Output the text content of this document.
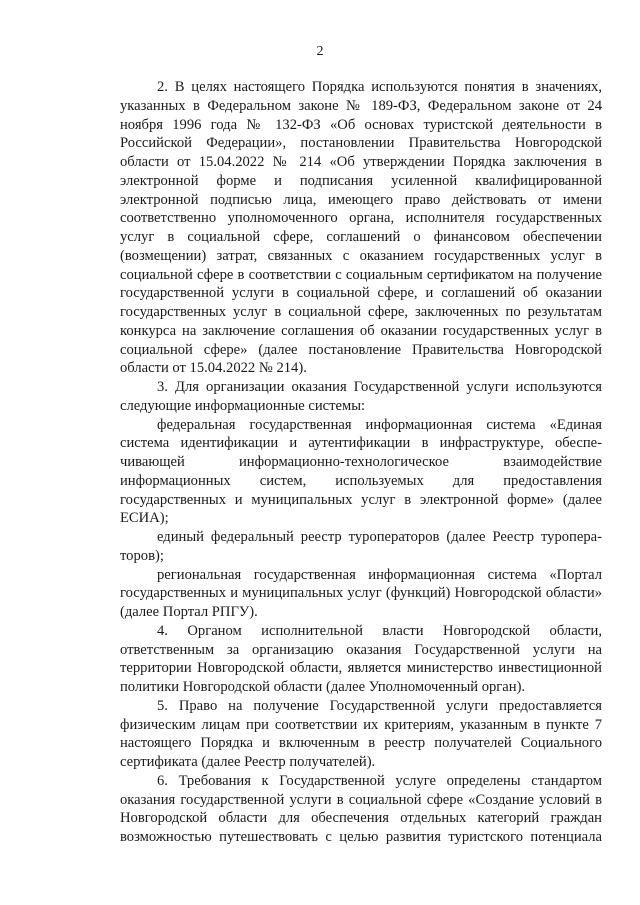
2

2. В целях настоящего Порядка используются понятия в значениях, указанных в Федеральном законе № 189-ФЗ, Федеральном законе от 24 ноября 1996 года № 132-ФЗ «Об основах туристской деятельности в Российской Федерации», постановлении Правительства Новгородской области от 15.04.2022 № 214 «Об утверждении Порядка заключения в электронной форме и подписания усиленной квалифицированной электронной подписью лица, имеющего право действовать от имени соответственно уполномоченного органа, исполнителя государственных услуг в социальной сфере, соглашений о финансовом обеспечении (возмещении) затрат, связанных с оказанием государственных услуг в социальной сфере в соответствии с социальным сертификатом на получение государственной услуги в социальной сфере, и соглашений об оказании государственных услуг в социальной сфере, заключенных по результатам конкурса на заключение соглашения об оказании государственных услуг в социальной сфере» (далее постановление Правительства Новгородской области от 15.04.2022 № 214).

3. Для организации оказания Государственной услуги используются следующие информационные системы:

федеральная государственная информационная система «Единая система идентификации и аутентификации в инфраструктуре, обеспечивающей информационно-технологическое взаимодействие информационных систем, используемых для предоставления государственных и муниципальных услуг в электронной форме» (далее ЕСИА);

единый федеральный реестр туроператоров (далее Реестр туроператоров);

региональная государственная информационная система «Портал государственных и муниципальных услуг (функций) Новгородской области» (далее Портал РПГУ).

4. Органом исполнительной власти Новгородской области, ответственным за организацию оказания Государственной услуги на территории Новгородской области, является министерство инвестиционной политики Новгородской области (далее Уполномоченный орган).

5. Право на получение Государственной услуги предоставляется физическим лицам при соответствии их критериям, указанным в пункте 7 настоящего Порядка и включенным в реестр получателей Социального сертификата (далее Реестр получателей).

6. Требования к Государственной услуге определены стандартом оказания государственной услуги в социальной сфере «Создание условий в Новгородской области для обеспечения отдельных категорий граждан возможностью путешествовать с целью развития туристского потенциала
